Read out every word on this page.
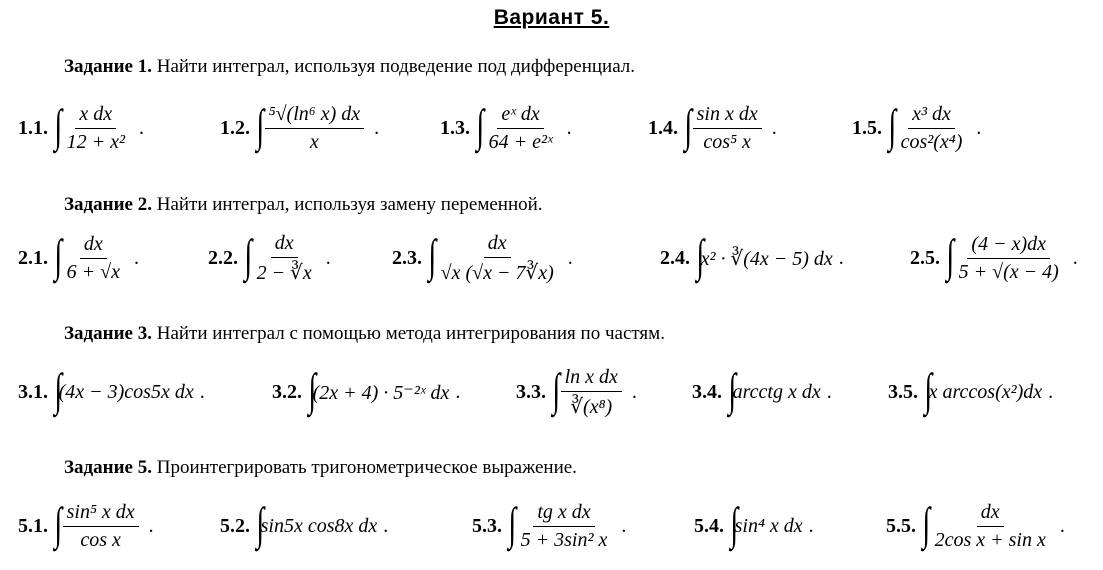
Вариант 5.
Задание 1. Найти интеграл, используя подведение под дифференциал.
1.1. ∫ $\frac{\text{x dx}}{\text{12 + x²}}$ .	1.2. ∫ $\frac{\text{⁵√(ln⁶ x) dx}}{x}$ .	1.3. ∫ $\frac{\text{eˣ dx}}{\text{64 + e²ˣ}}$ .	1.4. ∫ $\frac{\text{sin x dx}}{\text{cos⁵ x}}$ .	1.5. ∫ $\frac{\text{x³ dx}}{\text{cos²(x⁴)}}$ .
Задание 2. Найти интеграл, используя замену переменной.
2.1. ∫ $\frac{dx}{6 + √x}$ .	2.2. ∫ $\frac{dx}{2 - ∛x}$ .	2.3. ∫ $\frac{dx}{√x (√x - 7∛x)}$ .	2.4. ∫
x² · ∛(4x − 5) dx .	2.5. ∫ $\frac{(4 - x)dx}{5 + √(x - 4)}$ .
Задание 3. Найти интеграл с помощью метода интегрирования по частям.
3.1. ∫
(4x − 3)cos5x dx .	3.2. ∫
(2x + 4) · 5⁻²ˣ dx .	3.3. ∫ $\frac{\text{ln x dx}}{\text{∛(x⁸)}}$ .	3.4. ∫
arcctg x dx .	3.5. ∫
x arccos(x²)dx .
Задание 5. Проинтегрировать тригонометрическое выражение.
5.1. ∫ $\frac{\text{sin⁵ x dx}}{\text{cos x}}$ .	5.2. ∫
sin5x cos8x dx .	5.3. ∫ $\frac{\text{tg x dx}}{\text{5 + 3sin² x}}$ .	5.4. ∫
sin⁴ x dx .	5.5. ∫ $\frac{dx}{\text{2cos x + sin x}}$ .
